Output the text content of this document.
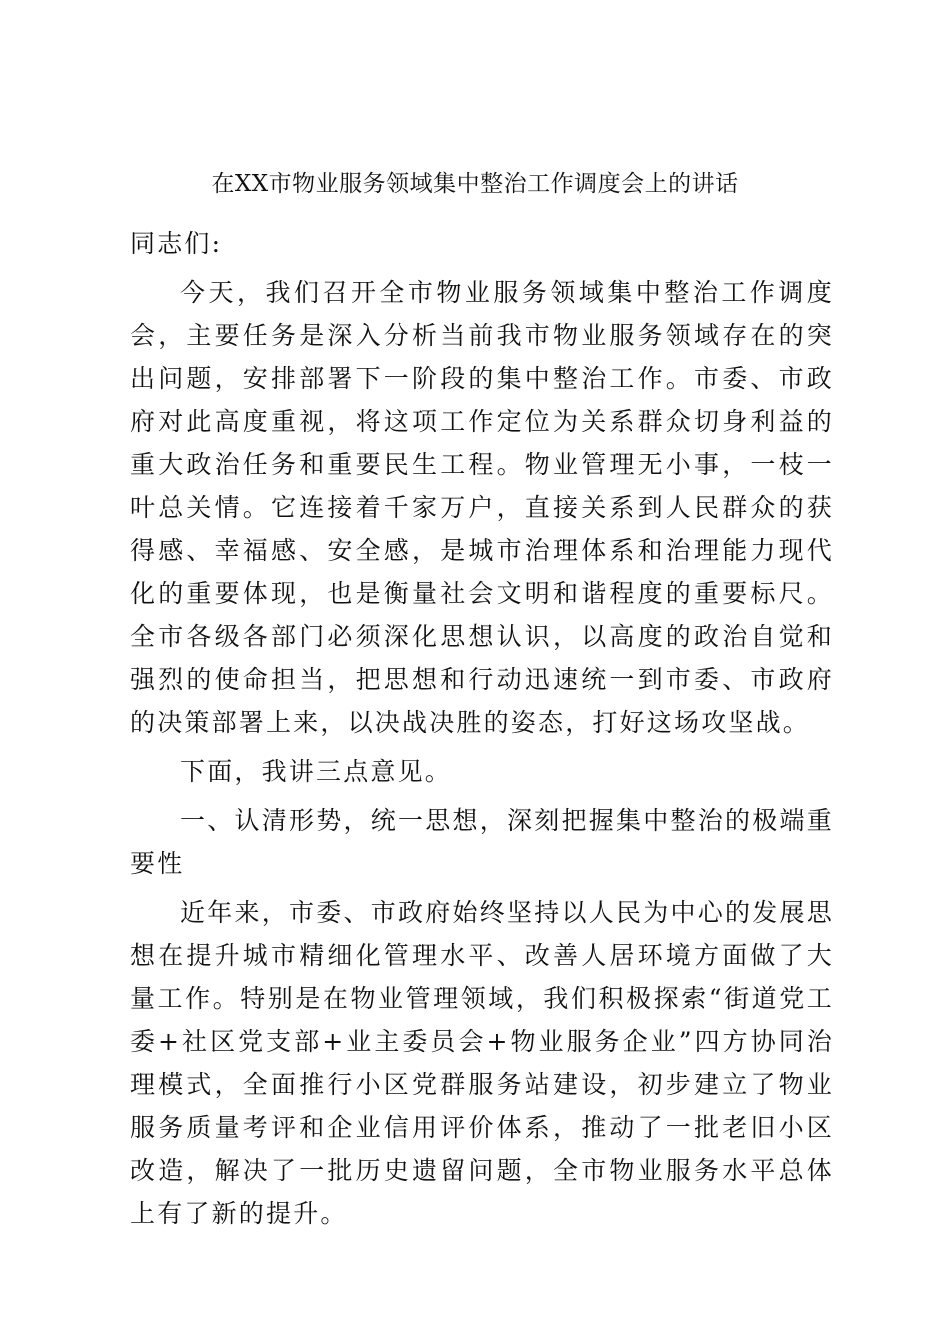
在XX市物业服务领域集中整治工作调度会上的讲话

同志们:

今天，我们召开全市物业服务领域集中整治工作调度会，主要任务是深入分析当前我市物业服务领域存在的突出问题，安排部署下一阶段的集中整治工作。市委、市政府对此高度重视，将这项工作定位为关系群众切身利益的重大政治任务和重要民生工程。物业管理无小事，一枝一叶总关情。它连接着千家万户，直接关系到人民群众的获得感、幸福感、安全感，是城市治理体系和治理能力现代化的重要体现，也是衡量社会文明和谐程度的重要标尺。全市各级各部门必须深化思想认识，以高度的政治自觉和强烈的使命担当，把思想和行动迅速统一到市委、市政府的决策部署上来，以决战决胜的姿态，打好这场攻坚战。

下面，我讲三点意见。

一、认清形势，统一思想，深刻把握集中整治的极端重要性

近年来，市委、市政府始终坚持以人民为中心的发展思想在提升城市精细化管理水平、改善人居环境方面做了大量工作。特别是在物业管理领域，我们积极探索“街道党工委+社区党支部+业主委员会+物业服务企业”四方协同治理模式，全面推行小区党群服务站建设，初步建立了物业服务质量考评和企业信用评价体系，推动了一批老旧小区改造，解决了一批历史遗留问题，全市物业服务水平总体上有了新的提升。
